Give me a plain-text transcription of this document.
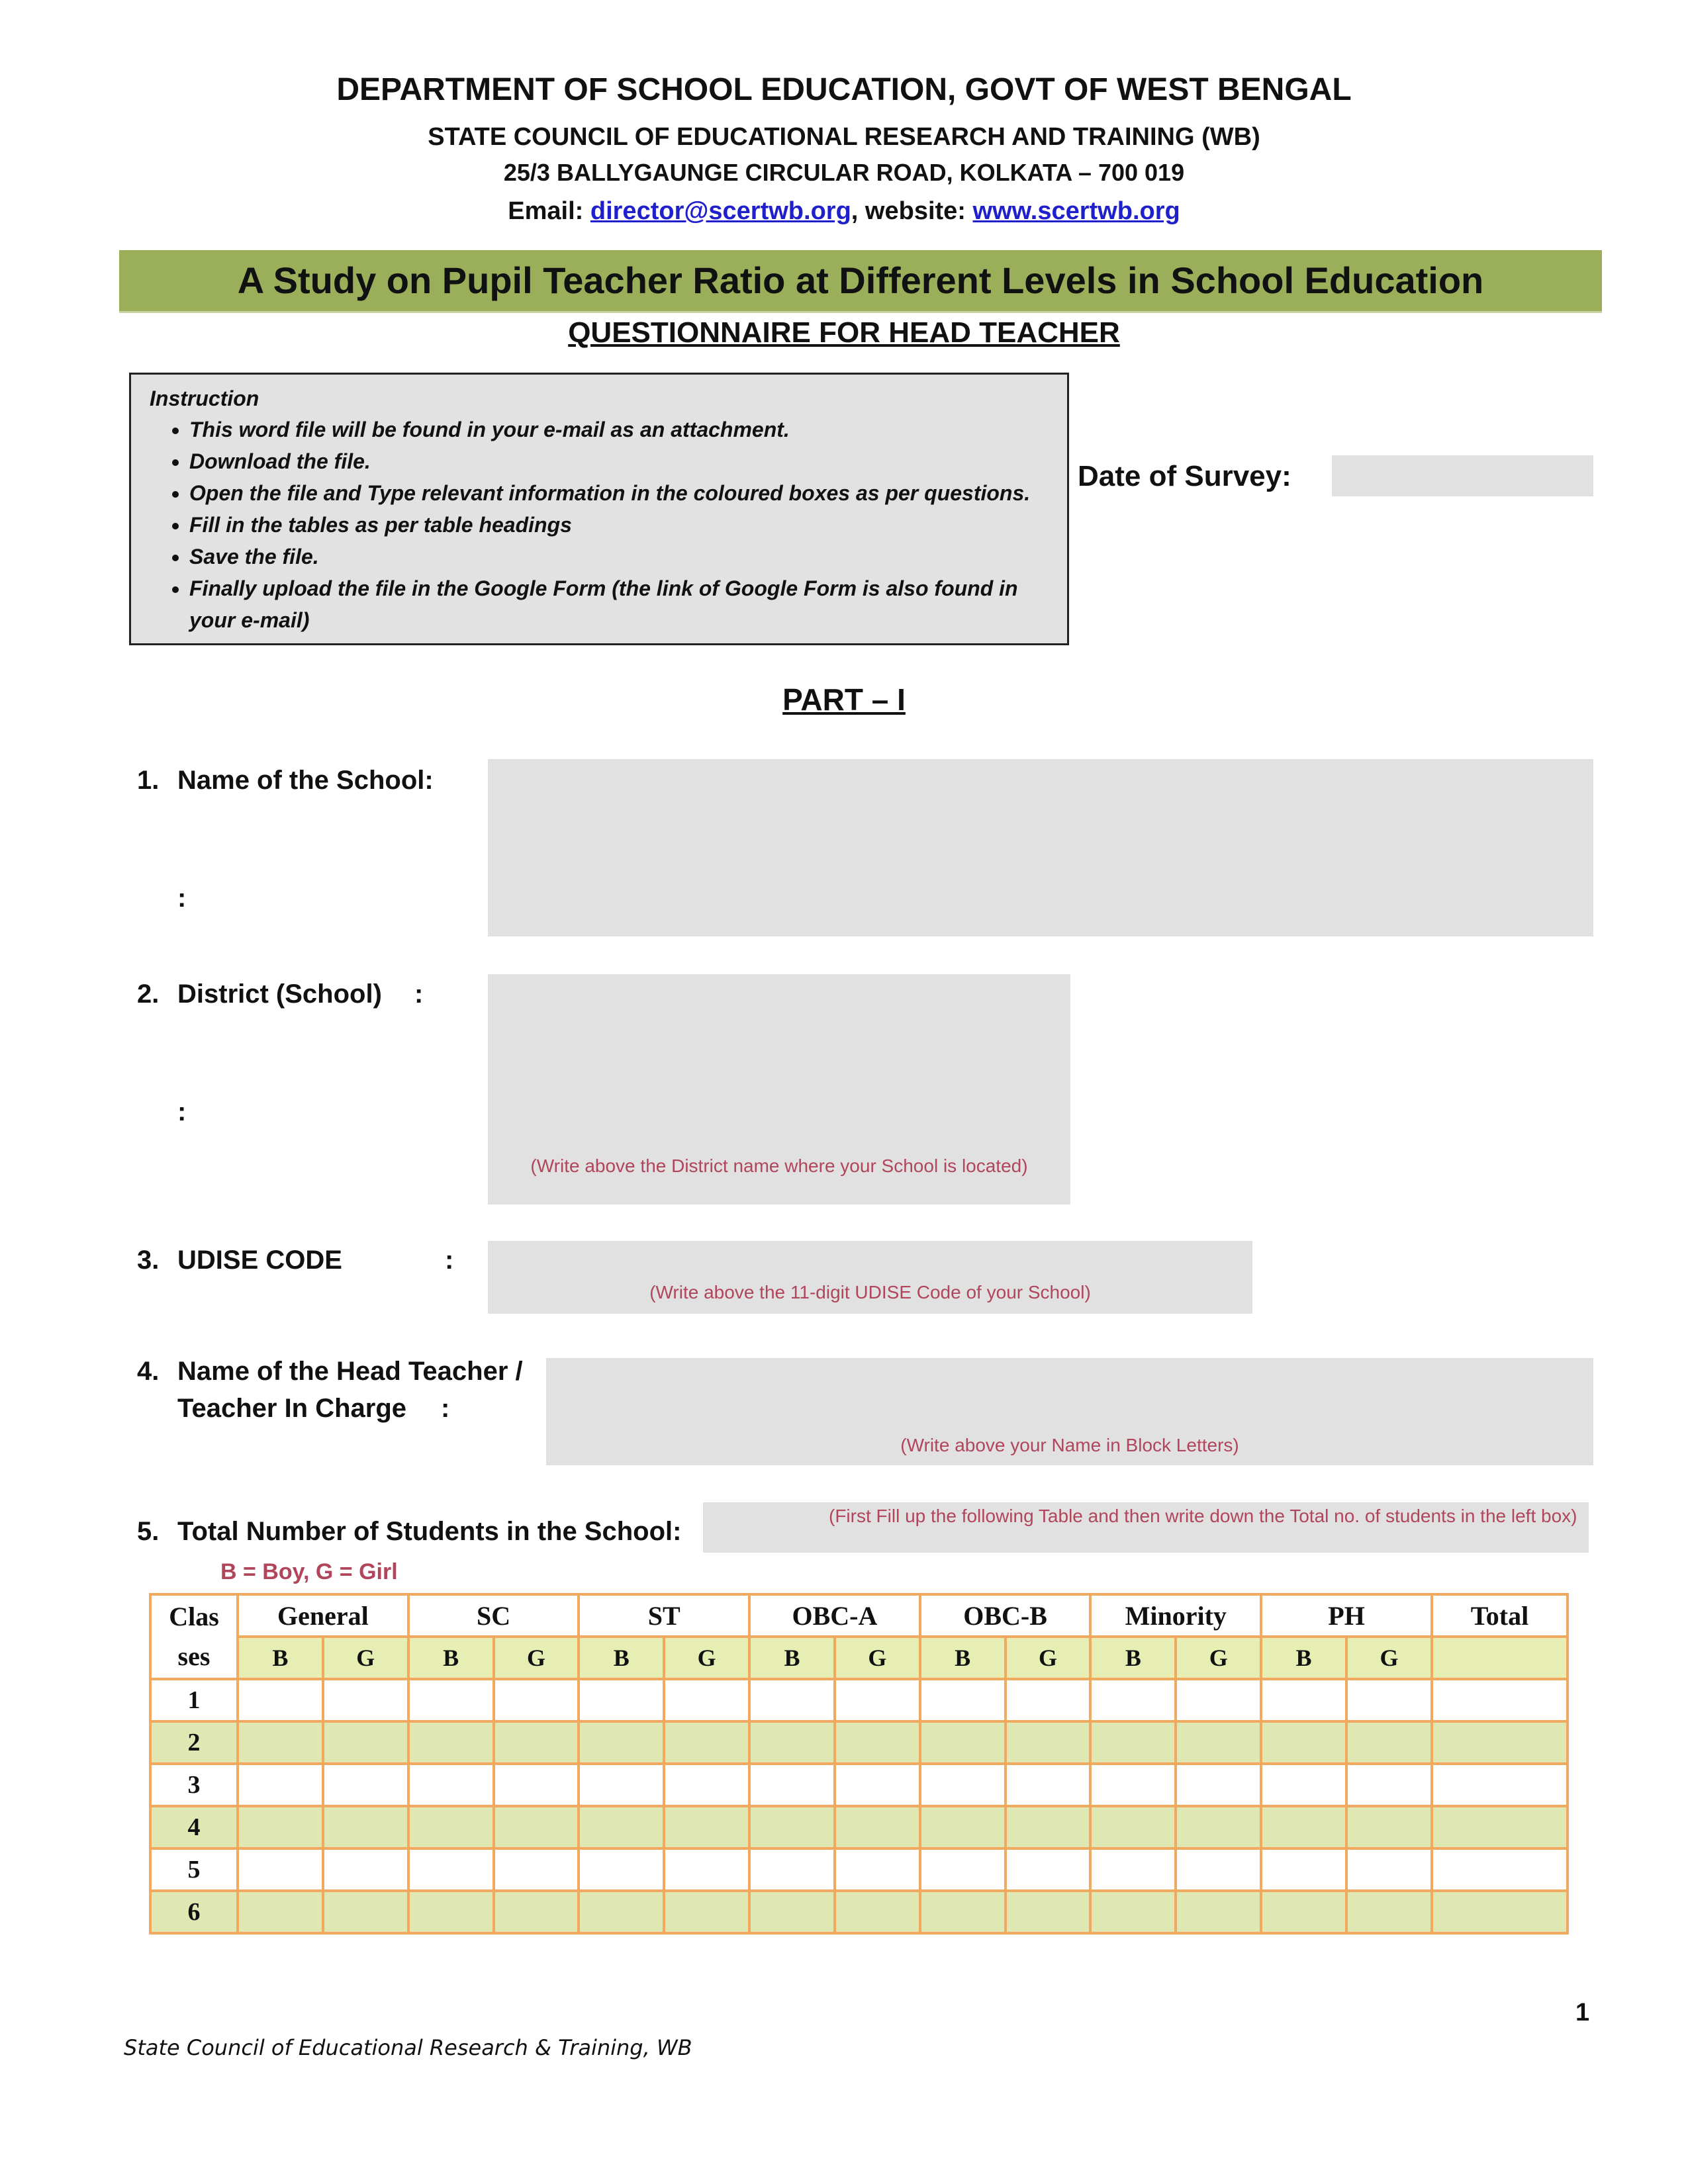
DEPARTMENT OF SCHOOL EDUCATION, GOVT OF WEST BENGAL
STATE COUNCIL OF EDUCATIONAL RESEARCH AND TRAINING (WB)
25/3 BALLYGAUNGE CIRCULAR ROAD, KOLKATA – 700 019
Email: director@scertwb.org, website: www.scertwb.org
A Study on Pupil Teacher Ratio at Different Levels in School Education
QUESTIONNAIRE FOR HEAD TEACHER
Instruction
• This word file will be found in your e-mail as an attachment.
• Download the file.
• Open the file and Type relevant information in the coloured boxes as per questions.
• Fill in the tables as per table headings
• Save the file.
• Finally upload the file in the Google Form (the link of Google Form is also found in your e-mail)
Date of Survey:
PART – I
1. Name of the School:
:
2. District (School) :
:
(Write above the District name where your School is located)
3. UDISE CODE	:
(Write above the 11-digit UDISE Code of your School)
4. Name of the Head Teacher /
Teacher In Charge :
(Write above your Name in Block Letters)
5. Total Number of Students in the School:
(First Fill up the following Table and then write down the Total no. of students in the left box)
B = Boy, G = Girl
Clas
ses	General		SC		ST		OBC-A		OBC-B		Minority		PH		Total
	B	G	B	G	B	G	B	G	B	G	B	G	B	G	
1															
2															
3															
4															
5															
6															
1
State Council of Educational Research & Training, WB
